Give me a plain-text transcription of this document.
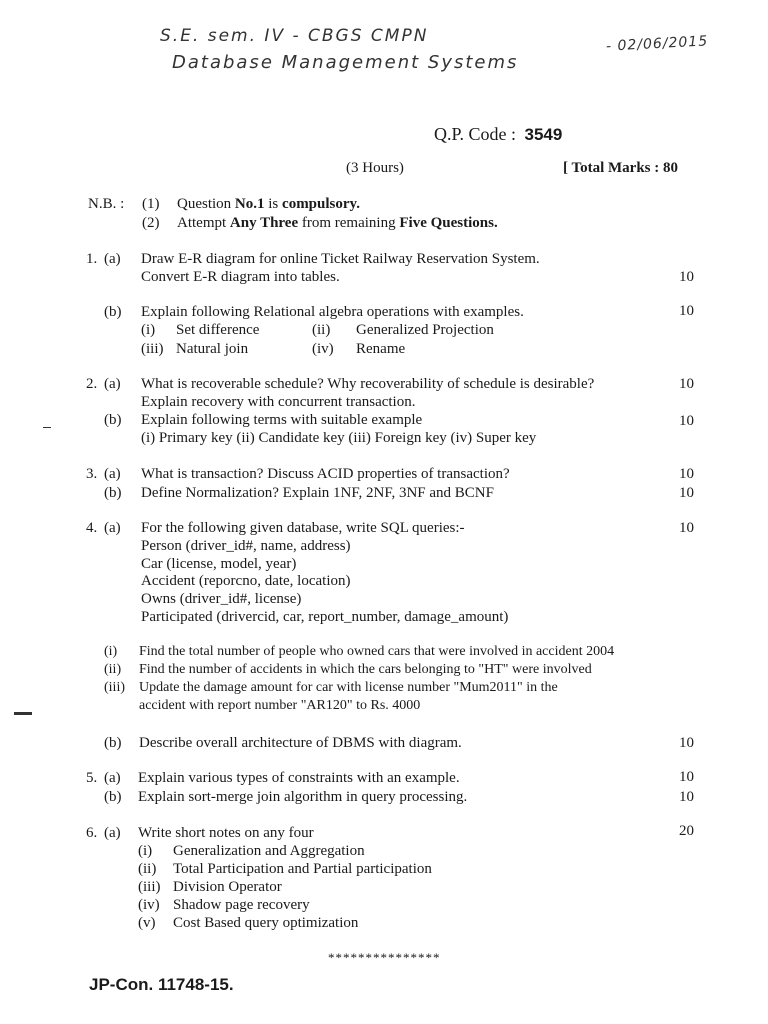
S.E. sem. IV - CBGS CMPN
Database Management Systems
- 02/06/2015
Q.P. Code : 3549
(3 Hours)	[ Total Marks : 80
N.B. : (1) Question No.1 is compulsory.
(2) Attempt Any Three from remaining Five Questions.
1. (a) Draw E-R diagram for online Ticket Railway Reservation System.
Convert E-R diagram into tables.	10
(b) Explain following Relational algebra operations with examples.	10
(i) Set difference	(ii) Generalized Projection
(iii) Natural join	(iv) Rename
2. (a) What is recoverable schedule? Why recoverability of schedule is desirable?	10
Explain recovery with concurrent transaction.
(b) Explain following terms with suitable example	10
(i) Primary key (ii) Candidate key (iii) Foreign key (iv) Super key
3. (a) What is transaction? Discuss ACID properties of transaction?	10
(b) Define Normalization? Explain 1NF, 2NF, 3NF and BCNF	10
4. (a) For the following given database, write SQL queries:-	10
Person (driver_id#, name, address)
Car (license, model, year)
Accident (reporcno, date, location)
Owns (driver_id#, license)
Participated (drivercid, car, report_number, damage_amount)
(i) Find the total number of people who owned cars that were involved in accident 2004
(ii) Find the number of accidents in which the cars belonging to "HT" were involved
(iii) Update the damage amount for car with license number "Mum2011" in the
accident with report number "AR120" to Rs. 4000
(b) Describe overall architecture of DBMS with diagram.	10
5. (a) Explain various types of constraints with an example.	10
(b) Explain sort-merge join algorithm in query processing.	10
6. (a) Write short notes on any four	20
(i) Generalization and Aggregation
(ii) Total Participation and Partial participation
(iii) Division Operator
(iv) Shadow page recovery
(v) Cost Based query optimization
***************
JP-Con. 11748-15.
